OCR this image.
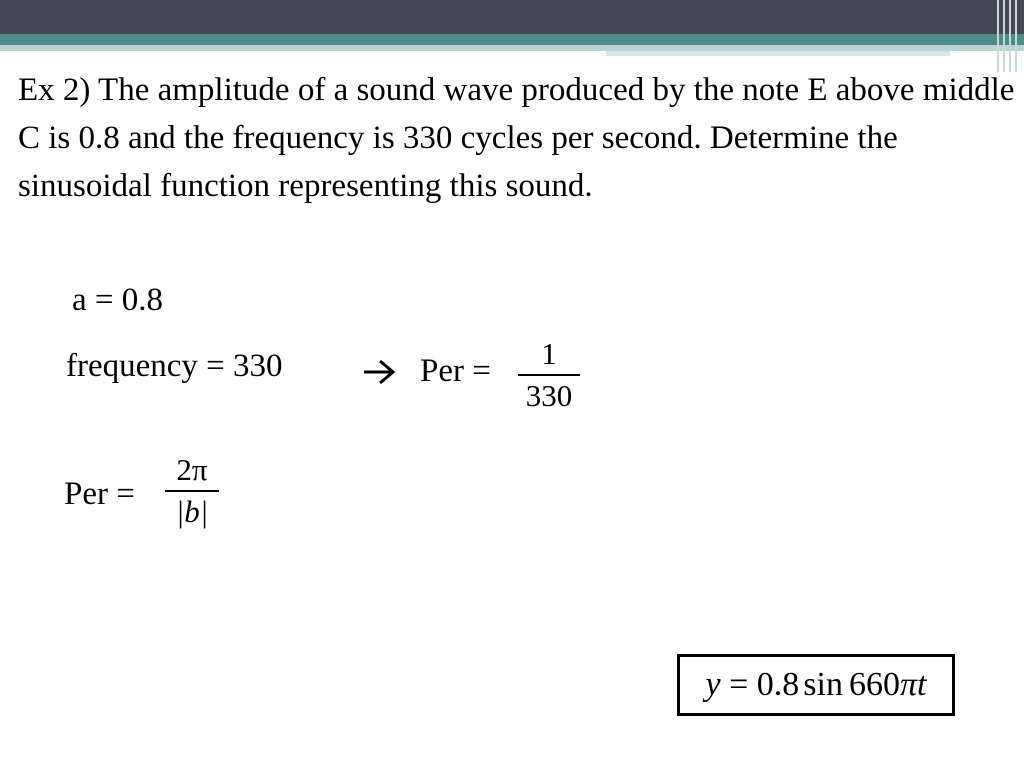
Ex 2) The amplitude of a sound wave produced by the note E above middle C is 0.8 and the frequency is 330 cycles per second. Determine the sinusoidal function representing this sound.

a = 0.8
frequency = 330	Per =	1
330
Per =
2π
|b|
y = 0.8 sin 660 π t
